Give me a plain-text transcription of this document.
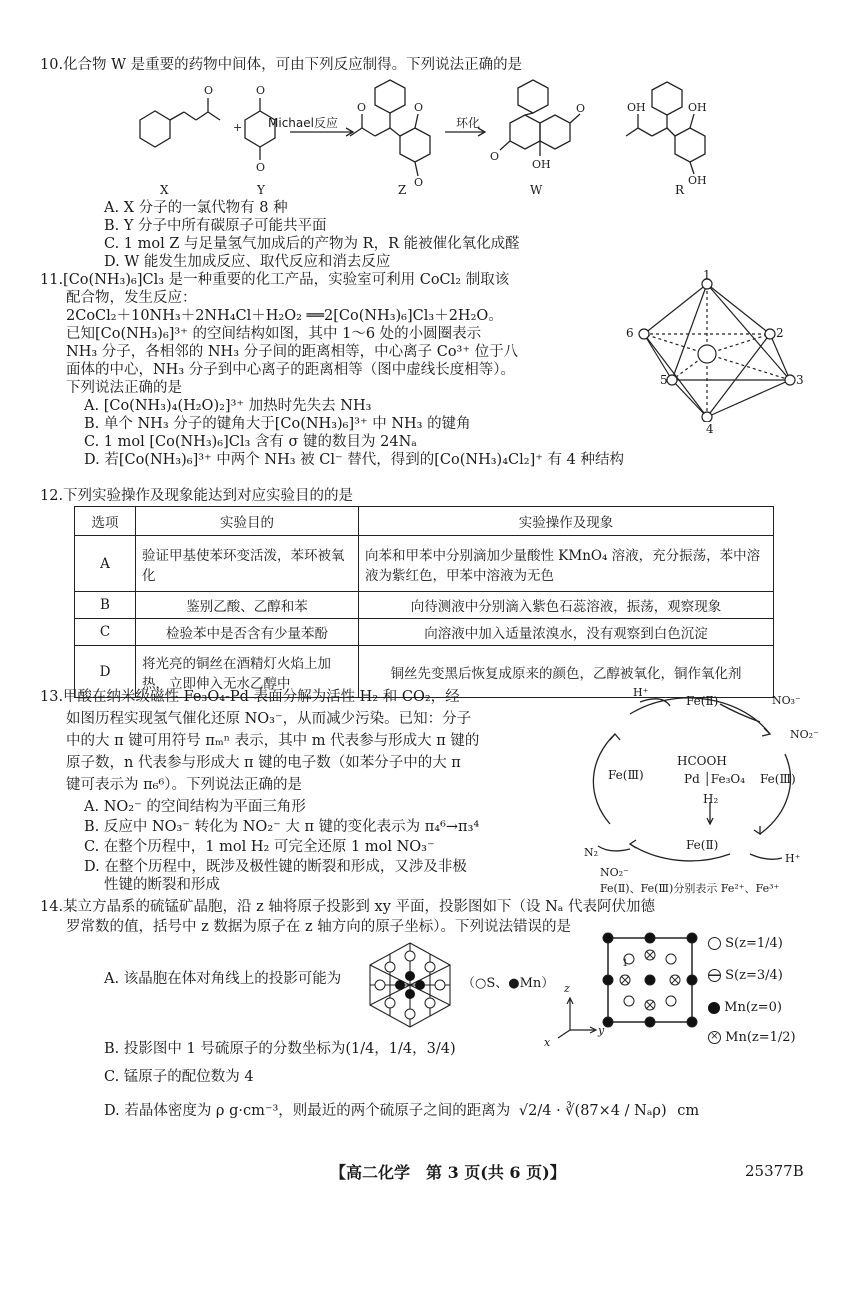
10.化合物 W 是重要的药物中间体，可由下列反应制得。下列说法正确的是
O	O
O
O	O
O
O
O
OH
OH	OH
OH
+ Michael反应	环化
X	Y	Z	W	R
A. X 分子的一氯代物有 8 种
B. Y 分子中所有碳原子可能共平面
C. 1 mol Z 与足量氢气加成后的产物为 R，R 能被催化氧化成醛
D. W 能发生加成反应、取代反应和消去反应
11.[Co(NH₃)₆]Cl₃ 是一种重要的化工产品，实验室可利用 CoCl₂ 制取该
配合物，发生反应：
2CoCl₂＋10NH₃＋2NH₄Cl＋H₂O₂ ══2[Co(NH₃)₆]Cl₃＋2H₂O。
已知[Co(NH₃)₆]³⁺ 的空间结构如图，其中 1～6 处的小圆圈表示
NH₃ 分子，各相邻的 NH₃ 分子间的距离相等，中心离子 Co³⁺ 位于八
面体的中心，NH₃ 分子到中心离子的距离相等（图中虚线长度相等）。
下列说法正确的是
A. [Co(NH₃)₄(H₂O)₂]³⁺ 加热时先失去 NH₃
B. 单个 NH₃ 分子的键角大于[Co(NH₃)₆]³⁺ 中 NH₃ 的键角
C. 1 mol [Co(NH₃)₆]Cl₃ 含有 σ 键的数目为 24Nₐ
D. 若[Co(NH₃)₆]³⁺ 中两个 NH₃ 被 Cl⁻ 替代，得到的[Co(NH₃)₄Cl₂]⁺ 有 4 种结构
1
2
3
4
5
6
12.下列实验操作及现象能达到对应实验目的的是
选项	实验目的	实验操作及现象
A	验证甲基使苯环变活泼，苯环被氧化	向苯和甲苯中分别滴加少量酸性 KMnO₄ 溶液，充分振荡，苯中溶液为紫红色，甲苯中溶液为无色
B	鉴别乙酸、乙醇和苯	向待测液中分别滴入紫色石蕊溶液，振荡，观察现象
C	检验苯中是否含有少量苯酚	向溶液中加入适量浓溴水，没有观察到白色沉淀
D	将光亮的铜丝在酒精灯火焰上加热，立即伸入无水乙醇中	铜丝先变黑后恢复成原来的颜色，乙醇被氧化，铜作氧化剂
13.甲酸在纳米级磁性 Fe₃O₄-Pd 表面分解为活性 H₂ 和 CO₂，经
如图历程实现氢气催化还原 NO₃⁻，从而减少污染。已知：分子
中的大 π 键可用符号 πₘⁿ 表示，其中 m 代表参与形成大 π 键的
原子数，n 代表参与形成大 π 键的电子数（如苯分子中的大 π
键可表示为 π₆⁶）。下列说法正确的是
A. NO₂⁻ 的空间结构为平面三角形
B. 反应中 NO₃⁻ 转化为 NO₂⁻ 大 π 键的变化表示为 π₄⁶→π₃⁴
C. 在整个历程中，1 mol H₂ 可完全还原 1 mol NO₃⁻
D. 在整个历程中，既涉及极性键的断裂和形成，又涉及非极
性键的断裂和形成
H⁺
Fe(Ⅱ)	NO₃⁻
NO₂⁻
HCOOH
Pd │Fe₃O₄
H₂
Fe(Ⅲ)	Fe(Ⅲ)
N₂
Fe(Ⅱ)
H⁺
NO₂⁻
Fe(Ⅱ)、Fe(Ⅲ)分别表示 Fe²⁺、Fe³⁺
14.某立方晶系的硫锰矿晶胞，沿 z 轴将原子投影到 xy 平面，投影图如下（设 Nₐ 代表阿伏加德
罗常数的值，括号中 z 数据为原子在 z 轴方向的原子坐标）。下列说法错误的是
A. 该晶胞在体对角线上的投影可能为	（○S、●Mn） z
y
x
1
S(z=1/4)
S(z=3/4)
Mn(z=0)
× Mn(z=1/2)
B. 投影图中 1 号硫原子的分数坐标为(1/4，1/4，3/4)
C. 锰原子的配位数为 4
D. 若晶体密度为 ρ g·cm⁻³，则最近的两个硫原子之间的距离为 √2/4 · ∛(87×4 / Nₐρ) cm
【高二化学　第 3 页(共 6 页)】	25377B
